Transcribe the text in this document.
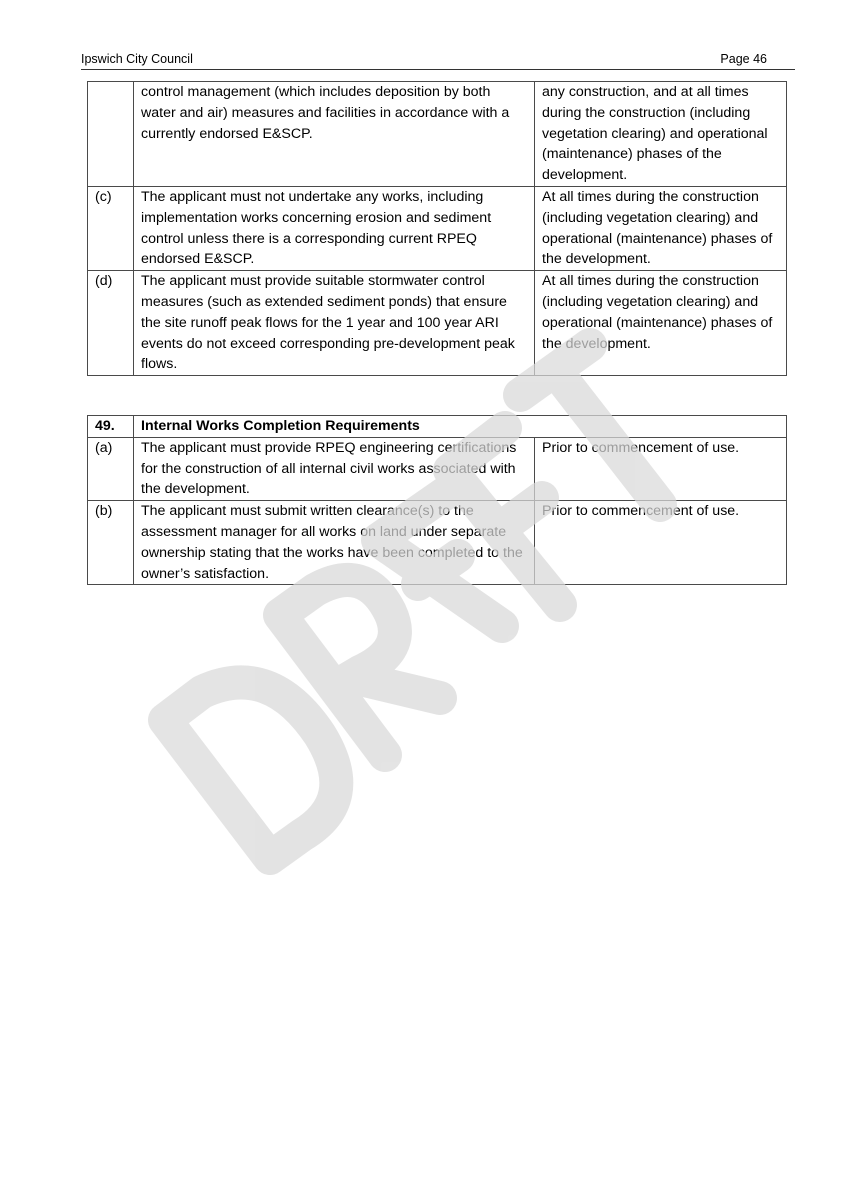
Ipswich City Council	Page 46
	control management (which includes deposition by both water and air) measures and facilities in accordance with a currently endorsed E&SCP.	any construction, and at all times during the construction (including vegetation clearing) and operational (maintenance) phases of the development.
(c)	The applicant must not undertake any works, including implementation works concerning erosion and sediment control unless there is a corresponding current RPEQ endorsed E&SCP.	At all times during the construction (including vegetation clearing) and operational (maintenance) phases of the development.
(d)	The applicant must provide suitable stormwater control measures (such as extended sediment ponds) that ensure the site runoff peak flows for the 1 year and 100 year ARI events do not exceed corresponding pre-development peak flows.	At all times during the construction (including vegetation clearing) and operational (maintenance) phases of the development.
49.	Internal Works Completion Requirements	
(a)	The applicant must provide RPEQ engineering certifications for the construction of all internal civil works associated with the development.	Prior to commencement of use.
(b)	The applicant must submit written clearance(s) to the assessment manager for all works on land under separate ownership stating that the works have been completed to the owner’s satisfaction.	Prior to commencement of use.
